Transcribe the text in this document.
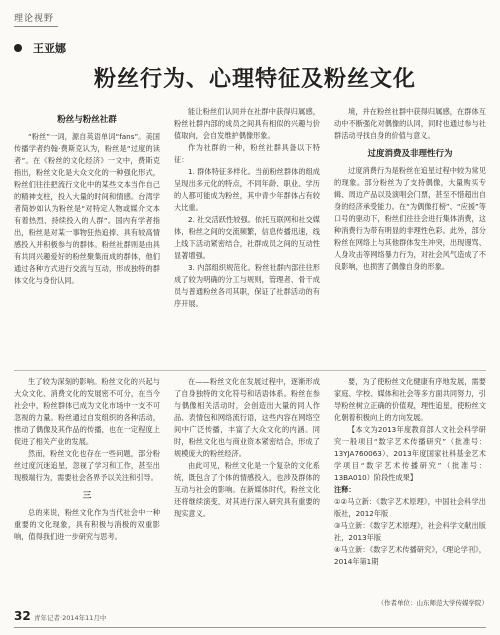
理论视野
王亚娜
粉丝行为、心理特征及粉丝文化
粉丝与粉丝社群

“粉丝”一词，源自英语单词“fans”。美国传播学者约翰·费斯克认为，粉丝是“过度的读者”。在《粉丝的文化经济》一文中，费斯克指出，粉丝文化是大众文化的一种强化形式，粉丝们往往把流行文化中的某些文本当作自己的精神支柱，投入大量的时间和情感。台湾学者简妙如认为粉丝是“对特定人物或媒介文本有着热烈、持续投入的人群”。国内有学者指出，粉丝是对某一事物狂热追捧、具有较高情感投入并积极参与的群体。粉丝社群则是由具有共同兴趣爱好的粉丝聚集而成的群体，他们通过各种方式进行交流与互动，形成独特的群体文化与身份认同。

能让粉丝们认同并在社群中获得归属感，粉丝社群内部的成员之间具有相似的兴趣与价值取向，会自发维护偶像形象。

作为社群的一种，粉丝社群具备以下特征：

1. 群体特征多样化。当前粉丝群体的组成呈现出多元化的特点，不同年龄、职业、学历的人都可能成为粉丝，其中青少年群体占有较大比重。

2. 社交活跃性较强。依托互联网和社交媒体，粉丝之间的交流频繁，信息传播迅速，线上线下活动紧密结合，社群成员之间的互动性显著增强。

3. 内部组织规范化。粉丝社群内部往往形成了较为明确的分工与规则，管理者、骨干成员与普通粉丝各司其职，保证了社群活动的有序开展。

境，并在粉丝社群中获得归属感，在群体互动中不断强化对偶像的认同，同时也通过参与社群活动寻找自身的价值与意义。

过度消费及非理性行为

过度消费行为是粉丝在追星过程中较为常见的现象。部分粉丝为了支持偶像，大量购买专辑、周边产品以及演唱会门票，甚至不惜超出自身的经济承受能力。在“为偶像打榜”、“应援”等口号的驱动下，粉丝们往往会进行集体消费，这种消费行为带有明显的非理性色彩。此外，部分粉丝在网络上与其他群体发生冲突，出现谩骂、人身攻击等网络暴力行为，对社会风气造成了不良影响，也损害了偶像自身的形象。

生了较为深刻的影响。粉丝文化的兴起与大众文化、消费文化的发展密不可分，在当今社会中，粉丝群体已成为文化市场中一支不可忽视的力量。粉丝通过自发组织的各种活动，推动了偶像及其作品的传播，也在一定程度上促进了相关产业的发展。

然而，粉丝文化也存在一些问题，部分粉丝过度沉迷追星，忽视了学习和工作，甚至出现极端行为，需要社会各界予以关注和引导。

三

总的来说，粉丝文化作为当代社会中一种重要的文化现象，具有积极与消极的双重影响，值得我们进一步研究与思考。

在——粉丝文化在发展过程中，逐渐形成了自身独特的文化符号和话语体系。粉丝在参与偶像相关活动时，会创造出大量的同人作品、表情包和网络流行语，这些内容在网络空间中广泛传播，丰富了大众文化的内涵。同时，粉丝文化也与商业资本紧密结合，形成了规模庞大的粉丝经济。

由此可见，粉丝文化是一个复杂的文化系统，既包含了个体的情感投入，也涉及群体的互动与社会的影响。在新媒体时代，粉丝文化还将继续演变，对其进行深入研究具有重要的现实意义。

要，为了使粉丝文化健康有序地发展，需要家庭、学校、媒体和社会等多方面共同努力，引导粉丝树立正确的价值观，理性追星，使粉丝文化朝着积极向上的方向发展。

【本文为2013年度教育部人文社会科学研究一般项目“数字艺术传播研究”（批准号：13YJA760063）、2013年度国家社科基金艺术学项目“数字艺术传播研究”（批准号：13BA010）阶段性成果】

注释：
①②马立新：《数字艺术原理》，中国社会科学出版社，2012年版
③马立新：《数字艺术原理》，社会科学文献出版社，2013年版
④马立新：《数字艺术传播研究》，《理论学刊》，2014年第1期
（作者单位：山东师范大学传媒学院）
32 青年记者·2014年11月中
